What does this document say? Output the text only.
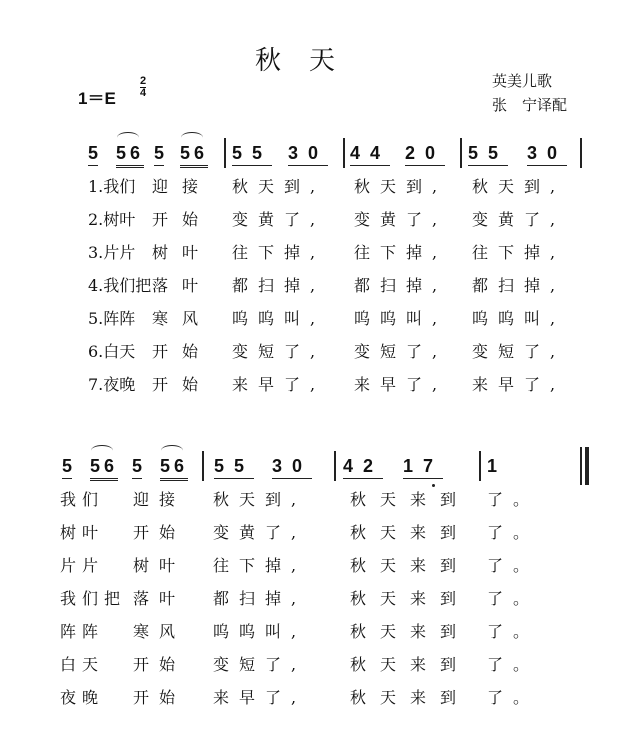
秋天
1＝E
2
4
英美儿歌
张　宁译配
5 56 5 56 55 30 44 20 55 30
1.我们 迎接 秋天到, 秋天到, 秋天到,
2.树叶 开始 变黄了, 变黄了, 变黄了,
3.片片 树叶 往下掉, 往下掉, 往下掉,
4.我们把 落叶 都扫掉, 都扫掉, 都扫掉,
5.阵阵 寒风 呜呜叫, 呜呜叫, 呜呜叫,
6.白天 开始 变短了, 变短了, 变短了,
7.夜晚 开始 来早了, 来早了, 来早了,
5 56 5 56 55 30 42 17 1
我们 迎接 秋天到,	秋天来到 了。
树叶 开始 变黄了,	秋天来到 了。
片片 树叶 往下掉,	秋天来到 了。
我们把 落叶 都扫掉,	秋天来到 了。
阵阵 寒风 呜呜叫,	秋天来到 了。
白天 开始 变短了,	秋天来到 了。
夜晚 开始 来早了,	秋天来到 了。
